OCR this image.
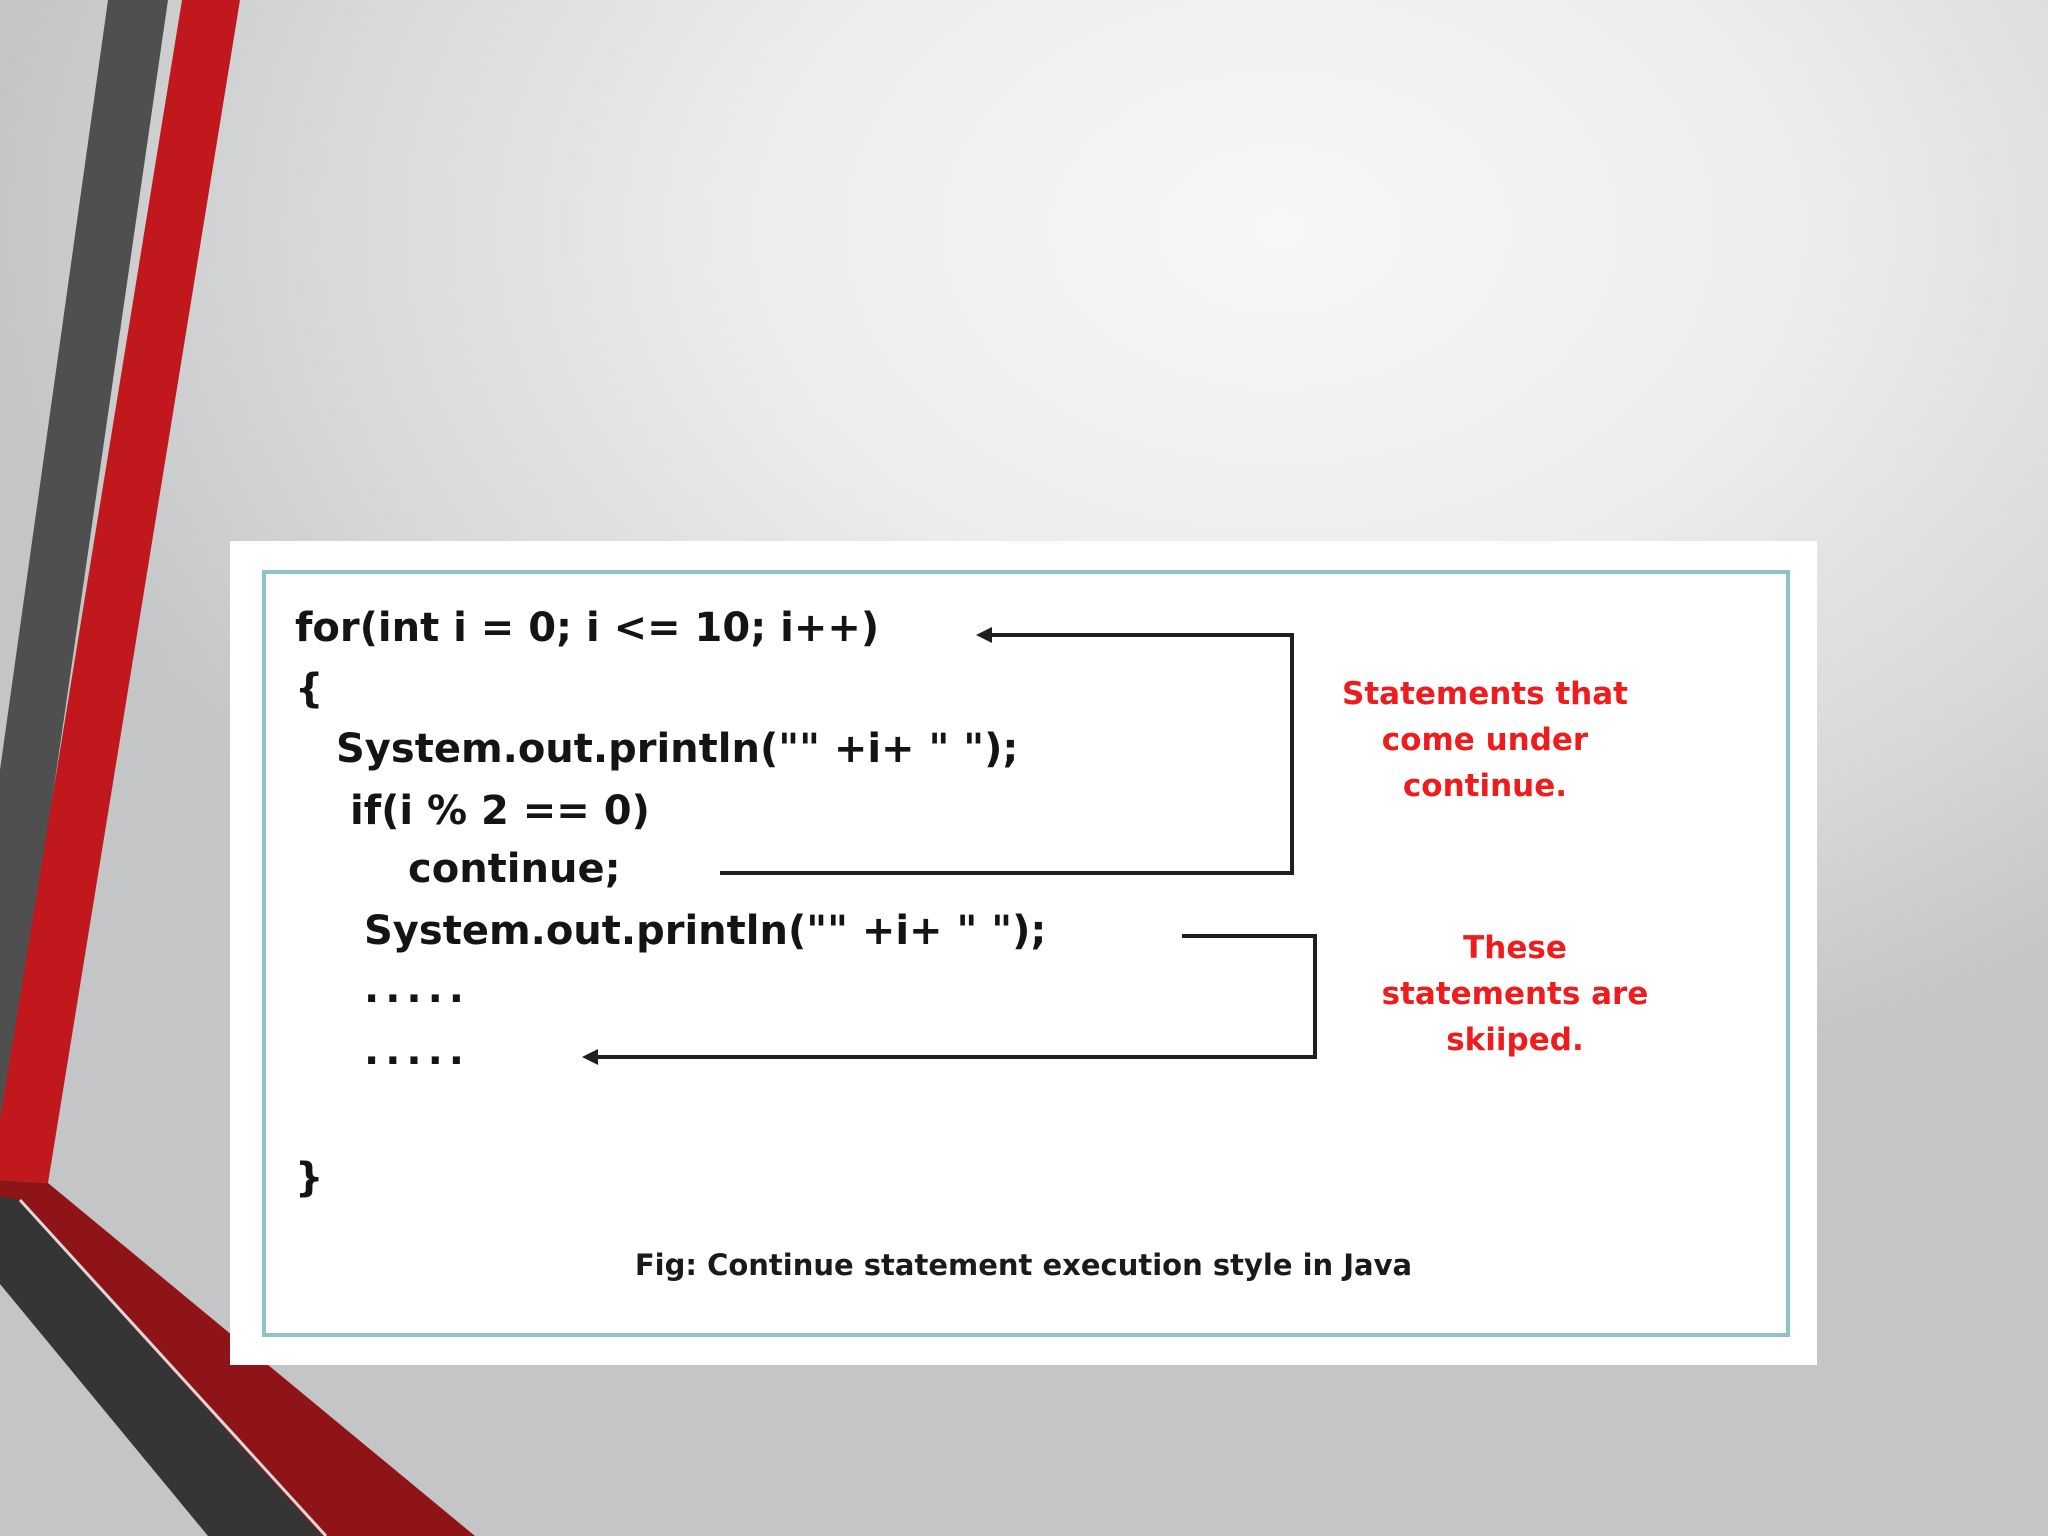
for(int i = 0; i <= 10; i++)
{
System.out.println("" +i+ " ");
if(i % 2 == 0)
continue;
System.out.println("" +i+ " ");
.....
.....
}
Statements that
come under
continue.
These
statements are
skiiped.
Fig: Continue statement execution style in Java
